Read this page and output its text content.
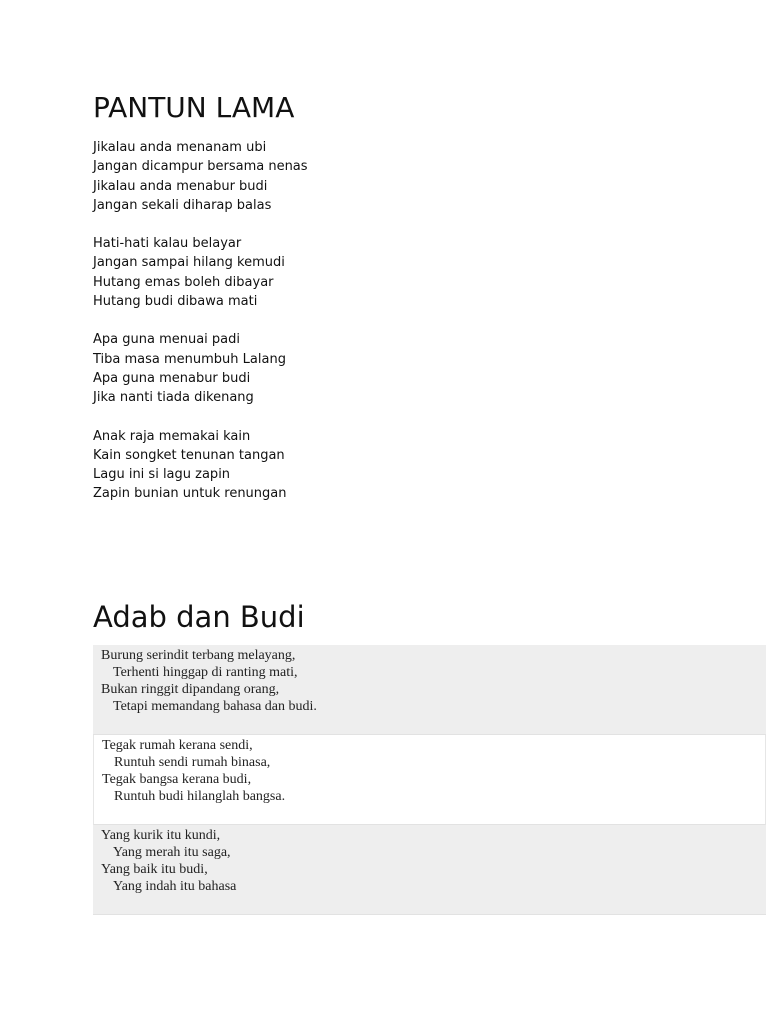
PANTUN LAMA
Jikalau anda menanam ubi
Jangan dicampur bersama nenas
Jikalau anda menabur budi
Jangan sekali diharap balas
Hati-hati kalau belayar
Jangan sampai hilang kemudi
Hutang emas boleh dibayar
Hutang budi dibawa mati
Apa guna menuai padi
Tiba masa menumbuh Lalang
Apa guna menabur budi
Jika nanti tiada dikenang
Anak raja memakai kain
Kain songket tenunan tangan
Lagu ini si lagu zapin
Zapin bunian untuk renungan
Adab dan Budi
Burung serindit terbang melayang,
Terhenti hinggap di ranting mati,
Bukan ringgit dipandang orang,
Tetapi memandang bahasa dan budi.
Tegak rumah kerana sendi,
Runtuh sendi rumah binasa,
Tegak bangsa kerana budi,
Runtuh budi hilanglah bangsa.
Yang kurik itu kundi,
Yang merah itu saga,
Yang baik itu budi,
Yang indah itu bahasa
